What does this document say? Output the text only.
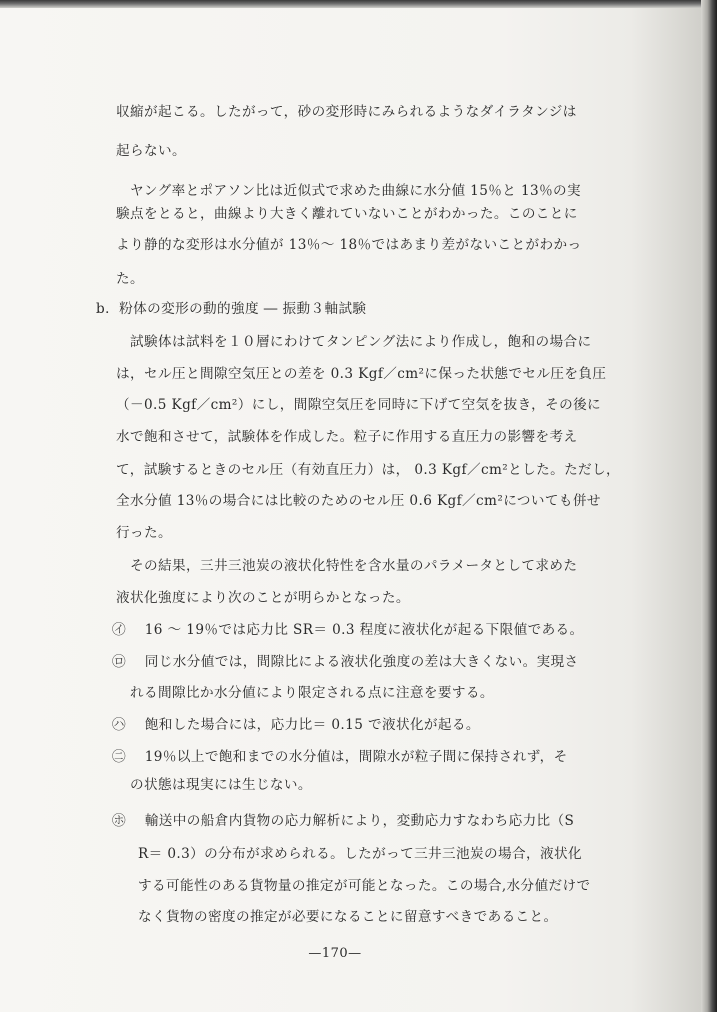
収縮が起こる。したがって，砂の変形時にみられるようなダイラタンジは
起らない。
ヤング率とポアソン比は近似式で求めた曲線に水分値 15％と 13％の実
験点をとると，曲線より大きく離れていないことがわかった。このことに
より静的な変形は水分値が 13％～ 18％ではあまり差がないことがわかっ
た。
b．粉体の変形の動的強度 ― 振動３軸試験
試験体は試料を１０層にわけてタンピング法により作成し，飽和の場合に
は，セル圧と間隙空気圧との差を 0.3 Kgf／cm²に保った状態でセル圧を負圧
（－0.5 Kgf／cm²）にし，間隙空気圧を同時に下げて空気を抜き，その後に
水で飽和させて，試験体を作成した。粒子に作用する直圧力の影響を考え
て，試験するときのセル圧（有効直圧力）は， 0.3 Kgf／cm²とした。ただし，
全水分値 13％の場合には比較のためのセル圧 0.6 Kgf／cm²についても併せ
行った。
その結果，三井三池炭の液状化特性を含水量のパラメータとして求めた
液状化強度により次のことが明らかとなった。
㋑ 16 ～ 19％では応力比 SR＝ 0.3 程度に液状化が起る下限値である。
㋺ 同じ水分値では，間隙比による液状化強度の差は大きくない。実現さ
れる間隙比か水分値により限定される点に注意を要する。
㋩ 飽和した場合には，応力比＝ 0.15 で液状化が起る。
㊁ 19％以上で飽和までの水分値は，間隙水が粒子間に保持されず，そ
の状態は現実には生じない。
㋭ 輸送中の船倉内貨物の応力解析により，変動応力すなわち応力比（S
R＝ 0.3）の分布が求められる。したがって三井三池炭の場合，液状化
する可能性のある貨物量の推定が可能となった。この場合,水分値だけで
なく貨物の密度の推定が必要になることに留意すべきであること。
—170—
